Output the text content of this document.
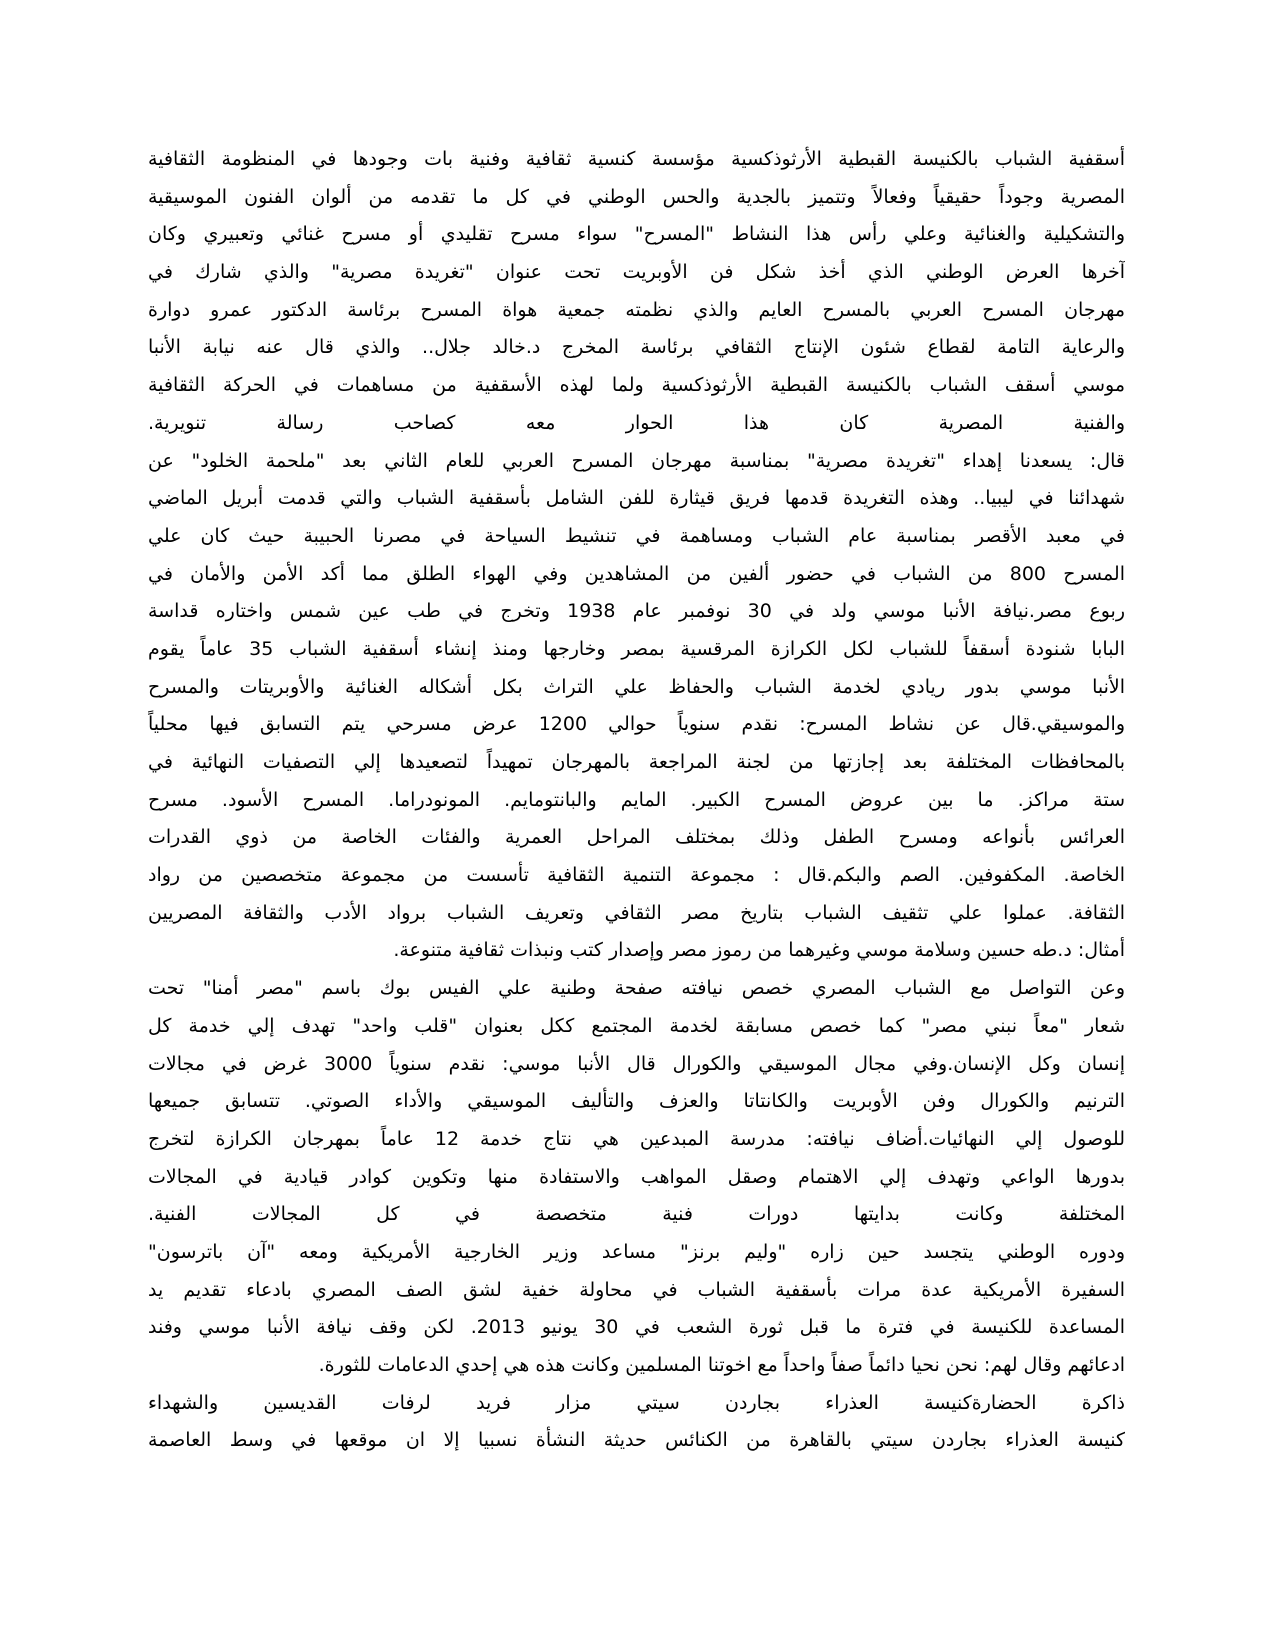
أسقفية الشباب بالكنيسة القبطية الأرثوذكسية مؤسسة كنسية ثقافية وفنية بات وجودها في المنظومة الثقافية
المصرية وجوداً حقيقياً وفعالاً وتتميز بالجدية والحس الوطني في كل ما تقدمه من ألوان الفنون الموسيقية
والتشكيلية والغنائية وعلي رأس هذا النشاط "المسرح" سواء مسرح تقليدي أو مسرح غنائي وتعبيري وكان
آخرها العرض الوطني الذي أخذ شكل فن الأوبريت تحت عنوان "تغريدة مصرية" والذي شارك في
مهرجان المسرح العربي بالمسرح العايم والذي نظمته جمعية هواة المسرح برئاسة الدكتور عمرو دوارة
والرعاية التامة لقطاع شئون الإنتاج الثقافي برئاسة المخرج د.خالد جلال.. والذي قال عنه نيابة الأنبا
موسي أسقف الشباب بالكنيسة القبطية الأرثوذكسية ولما لهذه الأسقفية من مساهمات في الحركة الثقافية
والفنية المصرية كان هذا الحوار معه كصاحب رسالة تنويرية.
قال: يسعدنا إهداء "تغريدة مصرية" بمناسبة مهرجان المسرح العربي للعام الثاني بعد "ملحمة الخلود" عن
شهدائنا في ليبيا.. وهذه التغريدة قدمها فريق قيثارة للفن الشامل بأسقفية الشباب والتي قدمت أبريل الماضي
في معبد الأقصر بمناسبة عام الشباب ومساهمة في تنشيط السياحة في مصرنا الحبيبة حيث كان علي
المسرح 800 من الشباب في حضور ألفين من المشاهدين وفي الهواء الطلق مما أكد الأمن والأمان في
ربوع مصر.نيافة الأنبا موسي ولد في 30 نوفمبر عام 1938 وتخرج في طب عين شمس واختاره قداسة
البابا شنودة أسقفاً للشباب لكل الكرازة المرقسية بمصر وخارجها ومنذ إنشاء أسقفية الشباب 35 عاماً يقوم
الأنبا موسي بدور ريادي لخدمة الشباب والحفاظ علي التراث بكل أشكاله الغنائية والأوبريتات والمسرح
والموسيقي.قال عن نشاط المسرح: نقدم سنوياً حوالي 1200 عرض مسرحي يتم التسابق فيها محلياً
بالمحافظات المختلفة بعد إجازتها من لجنة المراجعة بالمهرجان تمهيداً لتصعيدها إلي التصفيات النهائية في
ستة مراكز. ما بين عروض المسرح الكبير. المايم والبانتومايم. المونودراما. المسرح الأسود. مسرح
العرائس بأنواعه ومسرح الطفل وذلك بمختلف المراحل العمرية والفئات الخاصة من ذوي القدرات
الخاصة. المكفوفين. الصم والبكم.قال : مجموعة التنمية الثقافية تأسست من مجموعة متخصصين من رواد
الثقافة. عملوا علي تثقيف الشباب بتاريخ مصر الثقافي وتعريف الشباب برواد الأدب والثقافة المصريين
أمثال: د.طه حسين وسلامة موسي وغيرهما من رموز مصر وإصدار كتب ونبذات ثقافية متنوعة.
وعن التواصل مع الشباب المصري خصص نيافته صفحة وطنية علي الفيس بوك باسم "مصر أمنا" تحت
شعار "معاً نبني مصر" كما خصص مسابقة لخدمة المجتمع ككل بعنوان "قلب واحد" تهدف إلي خدمة كل
إنسان وكل الإنسان.وفي مجال الموسيقي والكورال قال الأنبا موسي: نقدم سنوياً 3000 غرض في مجالات
الترنيم والكورال وفن الأوبريت والكانتاتا والعزف والتأليف الموسيقي والأداء الصوتي. تتسابق جميعها
للوصول إلي النهائيات.أضاف نيافته: مدرسة المبدعين هي نتاج خدمة 12 عاماً بمهرجان الكرازة لتخرج
بدورها الواعي وتهدف إلي الاهتمام وصقل المواهب والاستفادة منها وتكوين كوادر قيادية في المجالات
المختلفة وكانت بدايتها دورات فنية متخصصة في كل المجالات الفنية.
ودوره الوطني يتجسد حين زاره "وليم برنز" مساعد وزير الخارجية الأمريكية ومعه "آن باترسون"
السفيرة الأمريكية عدة مرات بأسقفية الشباب في محاولة خفية لشق الصف المصري بادعاء تقديم يد
المساعدة للكنيسة في فترة ما قبل ثورة الشعب في 30 يونيو 2013. لكن وقف نيافة الأنبا موسي وفند
ادعائهم وقال لهم: نحن نحيا دائماً صفاً واحداً مع اخوتنا المسلمين وكانت هذه هي إحدي الدعامات للثورة.
ذاكرة الحضارةكنيسة العذراء بجاردن سيتي مزار فريد لرفات القديسين والشهداء
كنيسة العذراء بجاردن سيتي بالقاهرة من الكنائس حديثة النشأة نسبيا إلا ان موقعها في وسط العاصمة
